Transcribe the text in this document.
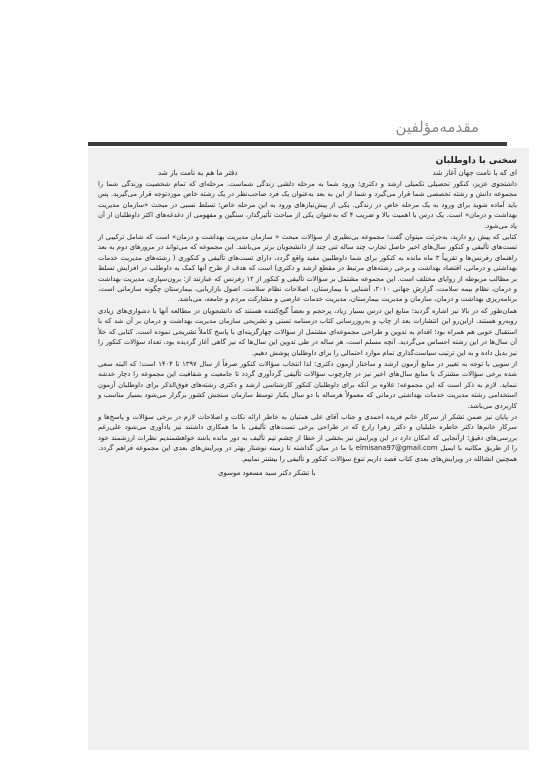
مقدمه‌مؤلفین
سخنی با داوطلبان
ای که با نامت جهان آغاز شد
دفتر ما هم به نامت باز شد

داشتجوی عزیز، کنکور تحصیلی تکمیلی ارشد و دکتری؛ ورود شما به مرحله دلشی زندگی شماست. مرحله‌ای که تمام شخصیت وزندگی شما را مجموعه دانش و رشته تخصصی شما قرار می‌گیرد و شما از این به بعد به‌عنوان یک فرد صاحب‌نظر در یک رشته خاص موردتوجه قرار می‌گیرید. پس باید آماده شوید برای ورود به یک مرحله خاص در زندگی. یکی از پیش‌نیازهای ورود به این مرحله خاص؛ تسلط نسبی در مبحث «سازمان مدیریت بهداشت و درمان» است. یک درس با اهمیت بالا و ضریب ۴ که به‌عنوان یکی از مباحث تأثیرگذار، سنگین و مفهومی از دغدغه‌های اکثر داوطلبان از آن یاد می‌شود.

کتابی که پیش رو دارید، به‌جرئت میتوان گفت؛ مجموعه بی‌نظیری از سؤالات مبحث « سازمان مدیریت بهداشت و درمان» است که شامل ترکیبی از تست‌های تألیفی و کنکور سال‌های اخیر حاصل تجارب چند ساله تنی چند از دانشجویان برتر می‌باشد. این مجموعه که می‌تواند در مرورهای دوم به بعد راهنمای رفرنس‌ها و تقریباً ۳ ماه مانده به کنکور برای شما داوطلبین مفید واقع گردد، دارای تست‌های تألیفی و کنکوری ( رشته‌های مدیریت خدمات بهداشتی و درمانی، اقتصاد بهداشت و برخی رشته‌های مرتبط در مقطع ارشد و دکتری) است که هدف از طرح آنها کمک به داوطلب در افزایش تسلط بر مطالب مربوطه از زوایای مختلف است. این مجموعه مشتمل بر سؤالات تألیفی و کنکور از ۱۲ رفرنس که عبارتند از: برون‌سپاری، مدیریت بهداشت و درمان، نظام بیمه سلامت، گزارش جهانی ۲۰۱۰، آشنایی با بیمارستان، اصلاحات نظام سلامت، اصول بازاریابی، بیمارستان چگونه سازمانی است، برنامه‌ریزی بهداشت و درمان، سازمان و مدیریت بیمارستان، مدیریت خدمات عارضی و مشارکت مردم و جامعه، می‌باشد.

همان‌طور که در بالا نیز اشاره گردید؛ منابع این درس بسیار زیاد، پرحجم و بعضاً گیج‌کننده هستند که دانشجویان در مطالعه آنها با دشواری‌های زیادی روبه‌رو هستند. ازاین‌رو این انتشارات بعد از چاپ و به‌روزرسانی کتاب درسنامه تستی و تشریحی سازمان مدیریت بهداشت و درمان بر آن شد که با استقبال خوبی هم همراه بود؛ اقدام به تدوین و طراحی مجموعه‌ای مشتمل از سؤالات چهارگزینه‌ای با پاسخ کاملاً تشریحی نموده است. کتابی که خلأ آن سال‌ها در این رشته احساس می‌گردید. آنچه مسلم است، هر ساله در طی تدوین این سال‌ها که نیز گاهی آغاز گردیده بود، تعداد سؤالات کنکور را نیز بدیل داده و به این ترتیب سیاست‌گذاری تمام موارد احتمالی را برای داوطلبان پوشش دهیم.

از سویی با توجه به تغییر در منابع آزمون ارشد و ساختار آزمون دکتری؛ لذا انتخاب سؤالات کنکور صرفاً از سال ۱۳۹۷ تا ۱۴۰۴ است؛ که البته سعی شده برخی سؤالات مشترک با منابع سال‌های اخیر نیز در چارچوب سؤالات تألیفی گردآوری گردد تا جامعیت و شفافیت این مجموعه را دچار خدشه ننماید. لازم به ذکر است که این مجموعه؛ علاوه بر آنکه برای داوطلبان کنکور کارشناسی ارشد و دکتری رشته‌های فوق‌الذکر برای داوطلبان آزمون استخدامی رشته مدیریت خدمات بهداشتی درمانی که معمولاً هرساله با دو سال یکبار توسط سازمان سنجش کشور برگزار می‌شود بسیار مناسب و کاربردی می‌باشد.

در پایان نیز ضمن تشکر از سرکار خانم فریده احمدی و جناب آقای علی همتیان به خاطر ارائه نکات و اصلاحات لازم در برخی سؤالات و پاسخ‌ها و سرکار خانم‌ها دکتر خاطره خلیلیان و دکتر زهرا زارع که در طراحی برخی تست‌های تألیفی با ما همکاری داشتند نیز یادآوری می‌شود علی‌رغم بررسی‌های دقیق؛ ازآنجایی که امکان دارد در این ویرایش نیز بخشی از خطا از چشم تیم تألیف به دور مانده باشد خواهشمندیم نظرات ارزشمند خود را از طریق مکاتبه با ایمیل elmisana97@gmail.com با ما در میان گذاشته تا زمینه نوشتار بهتر در ویرایش‌های بعدی این مجموعه فراهم گردد. همچنین انشالله در ویرایش‌های بعدی کتاب قصد داریم تنوع سؤالات کنکور و تألیفی را بیشتر نماییم.

با تشکر دکتر سید مسعود موسوی
